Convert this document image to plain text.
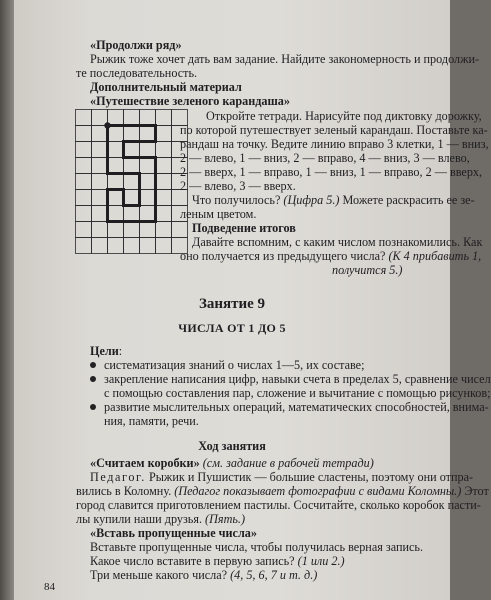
«Продолжи ряд»
Рыжик тоже хочет дать вам задание. Найдите закономерность и продолжи-
те последовательность.
Дополнительный материал
«Путешествие зеленого карандаша»
Откройте тетради. Нарисуйте под диктовку дорожку,
по которой путешествует зеленый карандаш. Поставьте ка-
рандаш на точку. Ведите линию вправо 3 клетки, 1 — вниз,
2 — влево, 1 — вниз, 2 — вправо, 4 — вниз, 3 — влево,
2 — вверх, 1 — вправо, 1 — вниз, 1 — вправо, 2 — вверх,
2 — влево, 3 — вверх.
Что получилось? (Цифра 5.) Можете раскрасить ее зе-
леным цветом.
Подведение итогов
Давайте вспомним, с каким числом познакомились. Как
оно получается из предыдущего числа? (К 4 прибавить 1,
получится 5.)
Занятие 9
ЧИСЛА ОТ 1 ДО 5
Цели:
систематизация знаний о числах 1—5, их составе;
закрепление написания цифр, навыки счета в пределах 5, сравнение чисел
с помощью составления пар, сложение и вычитание с помощью рисунков;
развитие мыслительных операций, математических способностей, внима-
ния, памяти, речи.
Ход занятия
«Считаем коробки» (см. задание в рабочей тетради)
Педагог. Рыжик и Пушистик — большие сластены, поэтому они отпра-
вились в Коломну. (Педагог показывает фотографии с видами Коломны.) Этот
город славится приготовлением пастилы. Сосчитайте, сколько коробок пасти-
лы купили наши друзья. (Пять.)
«Вставь пропущенные числа»
Вставьте пропущенные числа, чтобы получилась верная запись.
Какое число вставите в первую запись? (1 или 2.)
Три меньше какого числа? (4, 5, 6, 7 и т. д.)
84
